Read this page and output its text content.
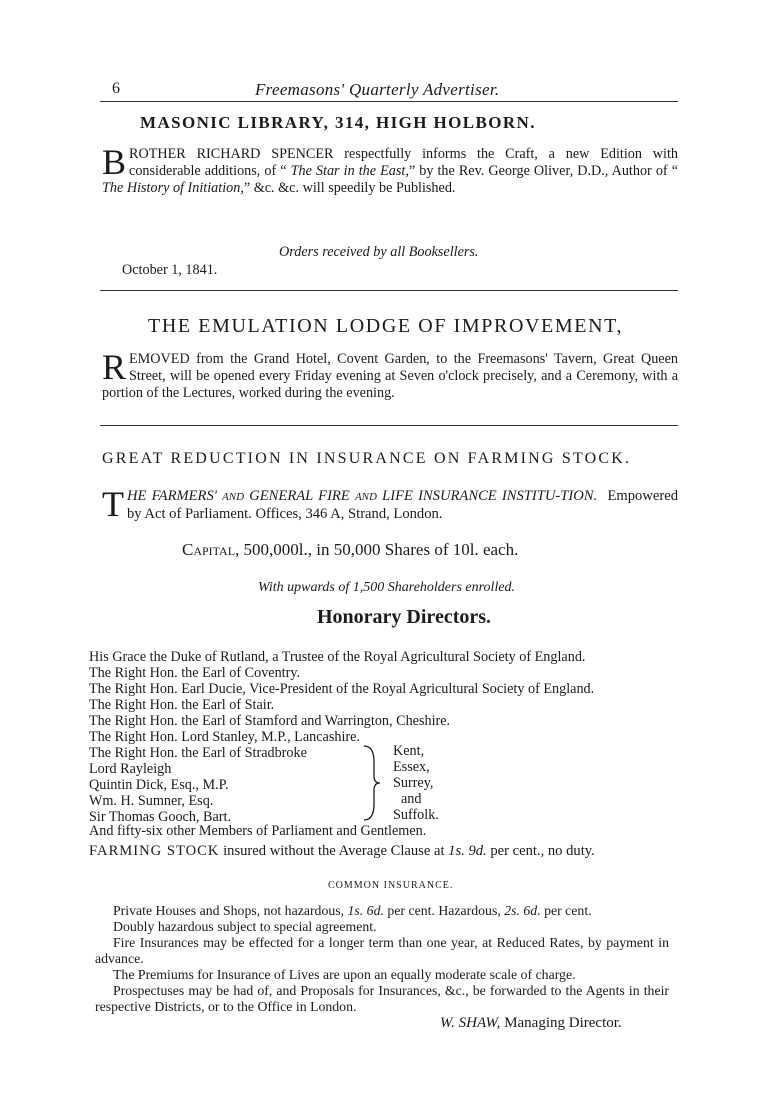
6	Freemasons' Quarterly Advertiser.
MASONIC LIBRARY, 314, HIGH HOLBORN.

BROTHER RICHARD SPENCER respectfully informs the Craft, a new Edition with considerable additions, of “ The Star in the East,” by the Rev. George Oliver, D.D., Author of “ The History of Initiation,” &c. &c. will speedily be Published.

Orders received by all Booksellers.
October 1, 1841.
THE EMULATION LODGE OF IMPROVEMENT,

REMOVED from the Grand Hotel, Covent Garden, to the Freemasons' Tavern, Great Queen Street, will be opened every Friday evening at Seven o'clock precisely, and a Ceremony, with a portion of the Lectures, worked during the evening.

GREAT REDUCTION IN INSURANCE ON FARMING STOCK.

THE FARMERS' AND GENERAL FIRE AND LIFE INSURANCE INSTITU-TION. Empowered by Act of Parliament. Offices, 346 A, Strand, London.

Capital, 500,000l., in 50,000 Shares of 10l. each.
With upwards of 1,500 Shareholders enrolled.
Honorary Directors.
His Grace the Duke of Rutland, a Trustee of the Royal Agricultural Society of England.
The Right Hon. the Earl of Coventry.
The Right Hon. Earl Ducie, Vice-President of the Royal Agricultural Society of England.
The Right Hon. the Earl of Stair.
The Right Hon. the Earl of Stamford and Warrington, Cheshire.
The Right Hon. Lord Stanley, M.P., Lancashire.
The Right Hon. the Earl of Stradbroke
Lord Rayleigh
Quintin Dick, Esq., M.P.
Wm. H. Sumner, Esq.
Sir Thomas Gooch, Bart.
Kent,
Essex,
Surrey,
and
Suffolk.
And fifty-six other Members of Parliament and Gentlemen.
FARMING STOCK insured without the Average Clause at 1s. 9d. per cent., no duty.
COMMON INSURANCE.
Private Houses and Shops, not hazardous, 1s. 6d. per cent. Hazardous, 2s. 6d. per cent.
Doubly hazardous subject to special agreement.
Fire Insurances may be effected for a longer term than one year, at Reduced Rates, by payment in advance.
The Premiums for Insurance of Lives are upon an equally moderate scale of charge.
Prospectuses may be had of, and Proposals for Insurances, &c., be forwarded to the Agents in their respective Districts, or to the Office in London.
W. SHAW, Managing Director.
